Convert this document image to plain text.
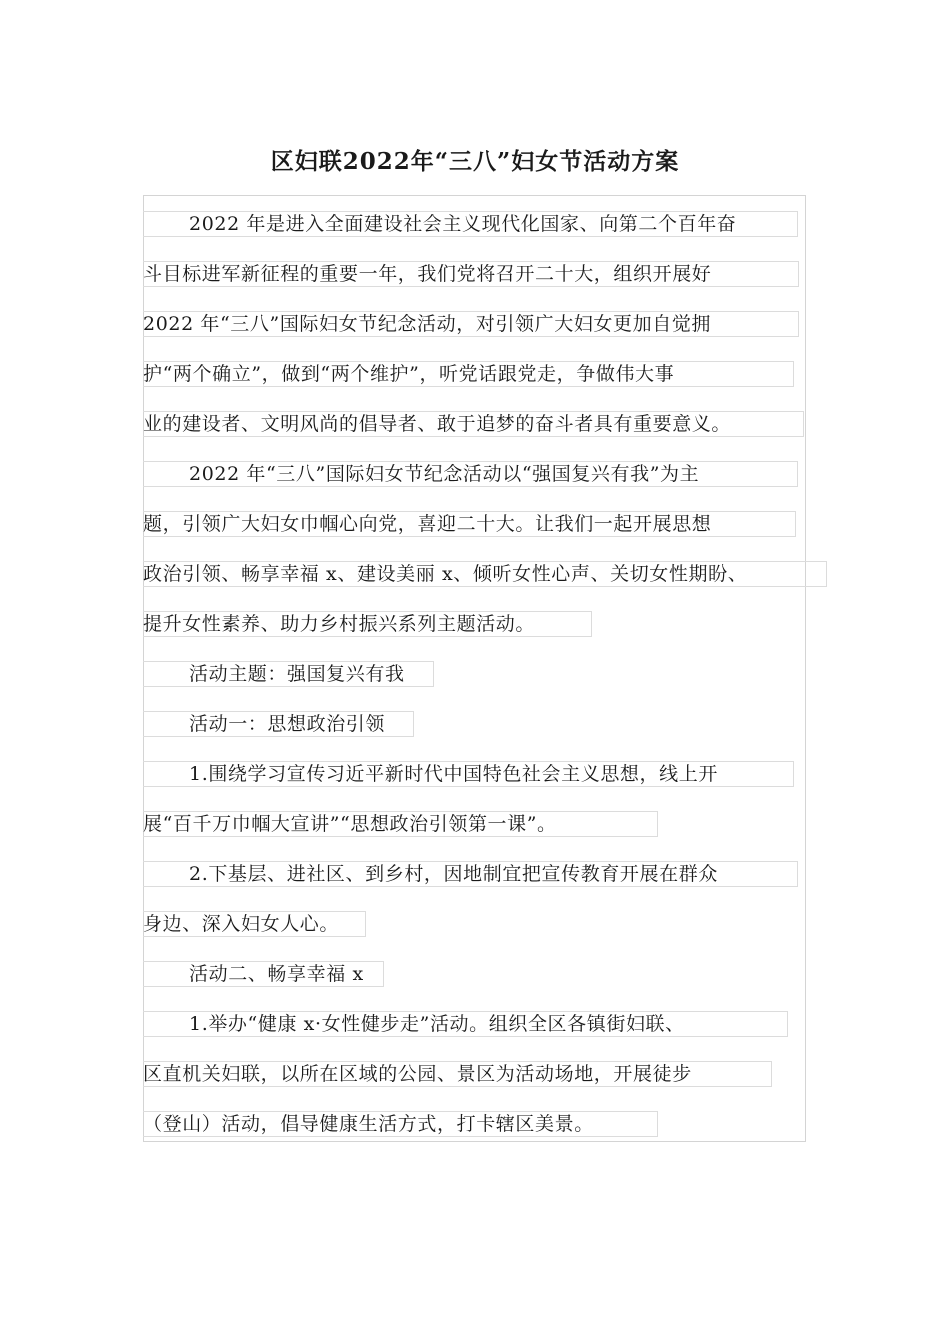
区妇联2022年“三八”妇女节活动方案
2022 年是进入全面建设社会主义现代化国家、向第二个百年奋
斗目标进军新征程的重要一年，我们党将召开二十大，组织开展好
2022 年“三八”国际妇女节纪念活动，对引领广大妇女更加自觉拥
护“两个确立”，做到“两个维护”，听党话跟党走，争做伟大事
业的建设者、文明风尚的倡导者、敢于追梦的奋斗者具有重要意义。
2022 年“三八”国际妇女节纪念活动以“强国复兴有我”为主
题，引领广大妇女巾帼心向党，喜迎二十大。让我们一起开展思想
政治引领、畅享幸福 x、建设美丽 x、倾听女性心声、关切女性期盼、
提升女性素养、助力乡村振兴系列主题活动。
活动主题：强国复兴有我
活动一：思想政治引领
1.围绕学习宣传习近平新时代中国特色社会主义思想，线上开
展“百千万巾帼大宣讲”“思想政治引领第一课”。
2.下基层、进社区、到乡村，因地制宜把宣传教育开展在群众
身边、深入妇女人心。
活动二、畅享幸福 x
1.举办“健康 x·女性健步走”活动。组织全区各镇街妇联、
区直机关妇联，以所在区域的公园、景区为活动场地，开展徒步
（登山）活动，倡导健康生活方式，打卡辖区美景。
